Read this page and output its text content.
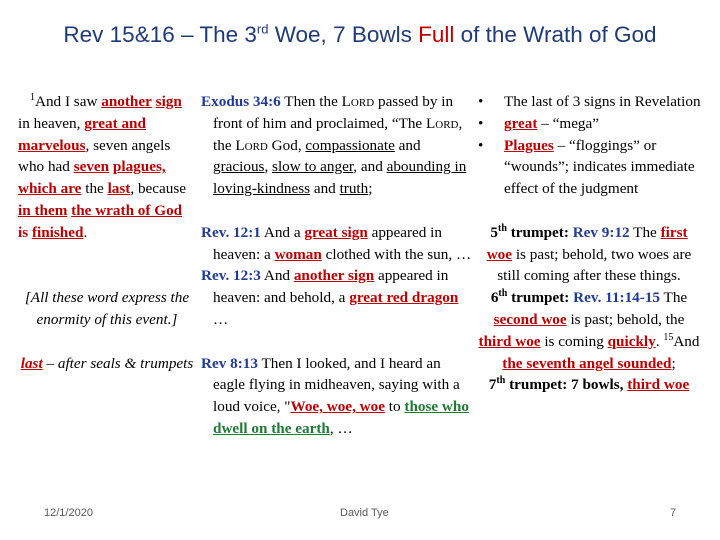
Rev 15&16 – The 3rd Woe, 7 Bowls Full of the Wrath of God
$^1$And I saw another sign in heaven, great and marvelous, seven angels who had seven plagues, which are the last, because in them the wrath of God is finished.
[All these word express the enormity of this event.]
last – after seals & trumpets
Exodus 34:6 Then the Lord passed by in front of him and proclaimed, “The Lord, the Lord God, compassionate and gracious, slow to anger, and abounding in loving-kindness and truth;
Rev. 12:1 And a great sign appeared in heaven: a woman clothed with the sun, …
Rev. 12:3 And another sign appeared in heaven: and behold, a great red dragon …
Rev 8:13 Then I looked, and I heard an eagle flying in midheaven, saying with a loud voice, "Woe, woe, woe to those who dwell on the earth, …
• The last of 3 signs in Revelation
• great – “mega”
• Plagues – “floggings” or “wounds”; indicates immediate effect of the judgment
5th trumpet: Rev 9:12 The first woe is past; behold, two woes are still coming after these things.
6th trumpet: Rev. 11:14-15 The second woe is past; behold, the third woe is coming quickly. $^{15}$And the seventh angel sounded;
7th trumpet: 7 bowls, third woe
12/1/2020	David Tye	7
